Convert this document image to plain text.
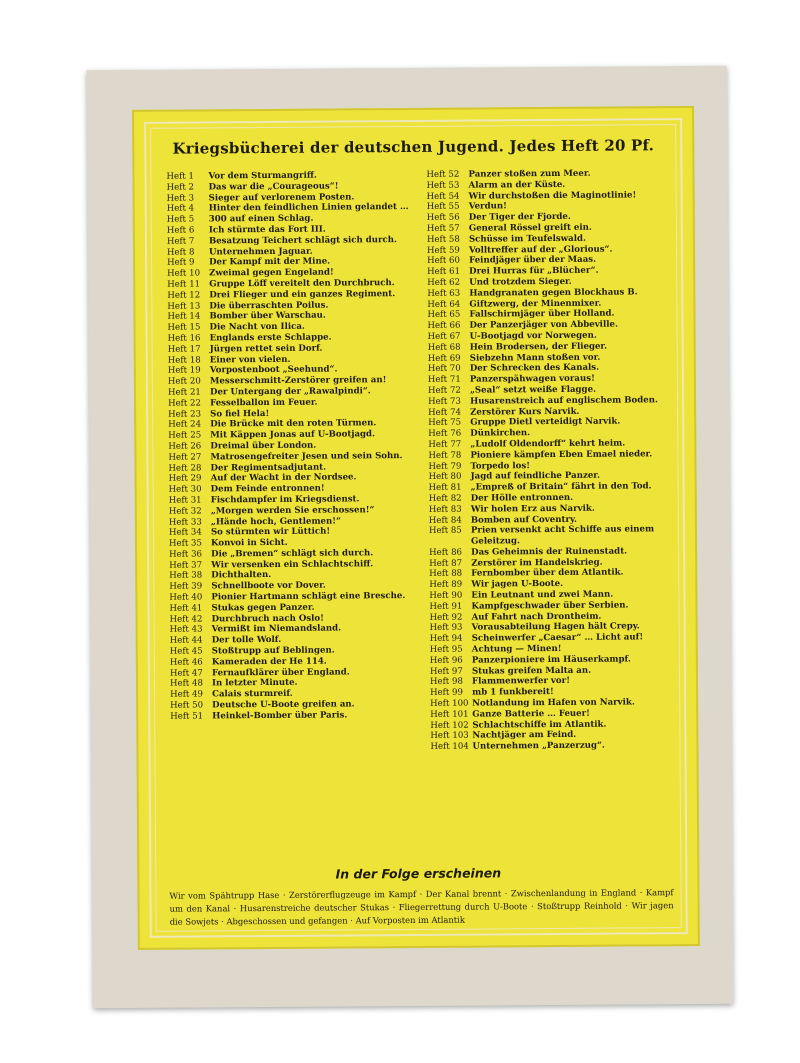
Kriegsbücherei der deutschen Jugend. Jedes Heft 20 Pf.
Heft 1	Vor dem Sturmangriff.
Heft 2	Das war die „Courageous“!
Heft 3	Sieger auf verlorenem Posten.
Heft 4	Hinter den feindlichen Linien gelandet …
Heft 5	300 auf einen Schlag.
Heft 6	Ich stürmte das Fort III.
Heft 7	Besatzung Teichert schlägt sich durch.
Heft 8	Unternehmen Jaguar.
Heft 9	Der Kampf mit der Mine.
Heft 10	Zweimal gegen Engeland!
Heft 11	Gruppe Löff vereitelt den Durchbruch.
Heft 12	Drei Flieger und ein ganzes Regiment.
Heft 13	Die überraschten Poilus.
Heft 14	Bomber über Warschau.
Heft 15	Die Nacht von Ilica.
Heft 16	Englands erste Schlappe.
Heft 17	Jürgen rettet sein Dorf.
Heft 18	Einer von vielen.
Heft 19	Vorpostenboot „Seehund“.
Heft 20	Messerschmitt-Zerstörer greifen an!
Heft 21	Der Untergang der „Rawalpindi“.
Heft 22	Fesselballon im Feuer.
Heft 23	So fiel Hela!
Heft 24	Die Brücke mit den roten Türmen.
Heft 25	Mit Käppen Jonas auf U-Bootjagd.
Heft 26	Dreimal über London.
Heft 27	Matrosengefreiter Jesen und sein Sohn.
Heft 28	Der Regimentsadjutant.
Heft 29	Auf der Wacht in der Nordsee.
Heft 30	Dem Feinde entronnen!
Heft 31	Fischdampfer im Kriegsdienst.
Heft 32	„Morgen werden Sie erschossen!“
Heft 33	„Hände hoch, Gentlemen!“
Heft 34	So stürmten wir Lüttich!
Heft 35	Konvoi in Sicht.
Heft 36	Die „Bremen“ schlägt sich durch.
Heft 37	Wir versenken ein Schlachtschiff.
Heft 38	Dichthalten.
Heft 39	Schnellboote vor Dover.
Heft 40	Pionier Hartmann schlägt eine Bresche.
Heft 41	Stukas gegen Panzer.
Heft 42	Durchbruch nach Oslo!
Heft 43	Vermißt im Niemandsland.
Heft 44	Der tolle Wolf.
Heft 45	Stoßtrupp auf Beblingen.
Heft 46	Kameraden der He 114.
Heft 47	Fernaufklärer über England.
Heft 48	In letzter Minute.
Heft 49	Calais sturmreif.
Heft 50	Deutsche U-Boote greifen an.
Heft 51	Heinkel-Bomber über Paris.
Heft 52	Panzer stoßen zum Meer.
Heft 53	Alarm an der Küste.
Heft 54	Wir durchstoßen die Maginotlinie!
Heft 55	Verdun!
Heft 56	Der Tiger der Fjorde.
Heft 57	General Rössel greift ein.
Heft 58	Schüsse im Teufelswald.
Heft 59	Volltreffer auf der „Glorious“.
Heft 60	Feindjäger über der Maas.
Heft 61	Drei Hurras für „Blücher“.
Heft 62	Und trotzdem Sieger.
Heft 63	Handgranaten gegen Blockhaus B.
Heft 64	Giftzwerg, der Minenmixer.
Heft 65	Fallschirmjäger über Holland.
Heft 66	Der Panzerjäger von Abbeville.
Heft 67	U-Bootjagd vor Norwegen.
Heft 68	Hein Brodersen, der Flieger.
Heft 69	Siebzehn Mann stoßen vor.
Heft 70	Der Schrecken des Kanals.
Heft 71	Panzerspähwagen voraus!
Heft 72	„Seal“ setzt weiße Flagge.
Heft 73	Husarenstreich auf englischem Boden.
Heft 74	Zerstörer Kurs Narvik.
Heft 75	Gruppe Dietl verteidigt Narvik.
Heft 76	Dünkirchen.
Heft 77	„Ludolf Oldendorff“ kehrt heim.
Heft 78	Pioniere kämpfen Eben Emael nieder.
Heft 79	Torpedo los!
Heft 80	Jagd auf feindliche Panzer.
Heft 81	„Empreß of Britain“ fährt in den Tod.
Heft 82	Der Hölle entronnen.
Heft 83	Wir holen Erz aus Narvik.
Heft 84	Bomben auf Coventry.
Heft 85	Prien versenkt acht Schiffe aus einem Geleitzug.
Heft 86	Das Geheimnis der Ruinenstadt.
Heft 87	Zerstörer im Handelskrieg.
Heft 88	Fernbomber über dem Atlantik.
Heft 89	Wir jagen U-Boote.
Heft 90	Ein Leutnant und zwei Mann.
Heft 91	Kampfgeschwader über Serbien.
Heft 92	Auf Fahrt nach Drontheim.
Heft 93	Vorausabteilung Hagen hält Crepy.
Heft 94	Scheinwerfer „Caesar“ … Licht auf!
Heft 95	Achtung — Minen!
Heft 96	Panzerpioniere im Häuserkampf.
Heft 97	Stukas greifen Malta an.
Heft 98	Flammenwerfer vor!
Heft 99	mb 1 funkbereit!
Heft 100 Notlandung im Hafen von Narvik.
Heft 101 Ganze Batterie … Feuer!
Heft 102 Schlachtschiffe im Atlantik.
Heft 103 Nachtjäger am Feind.
Heft 104 Unternehmen „Panzerzug“.
In der Folge erscheinen
Wir vom Spähtrupp Hase · Zerstörerflugzeuge im Kampf · Der Kanal brennt · Zwischenlandung in England · Kampf um den Kanal · Husarenstreiche deutscher Stukas · Fliegerrettung durch U-Boote · Stoßtrupp Reinhold · Wir jagen die Sowjets · Abgeschossen und gefangen · Auf Vorposten im Atlantik
